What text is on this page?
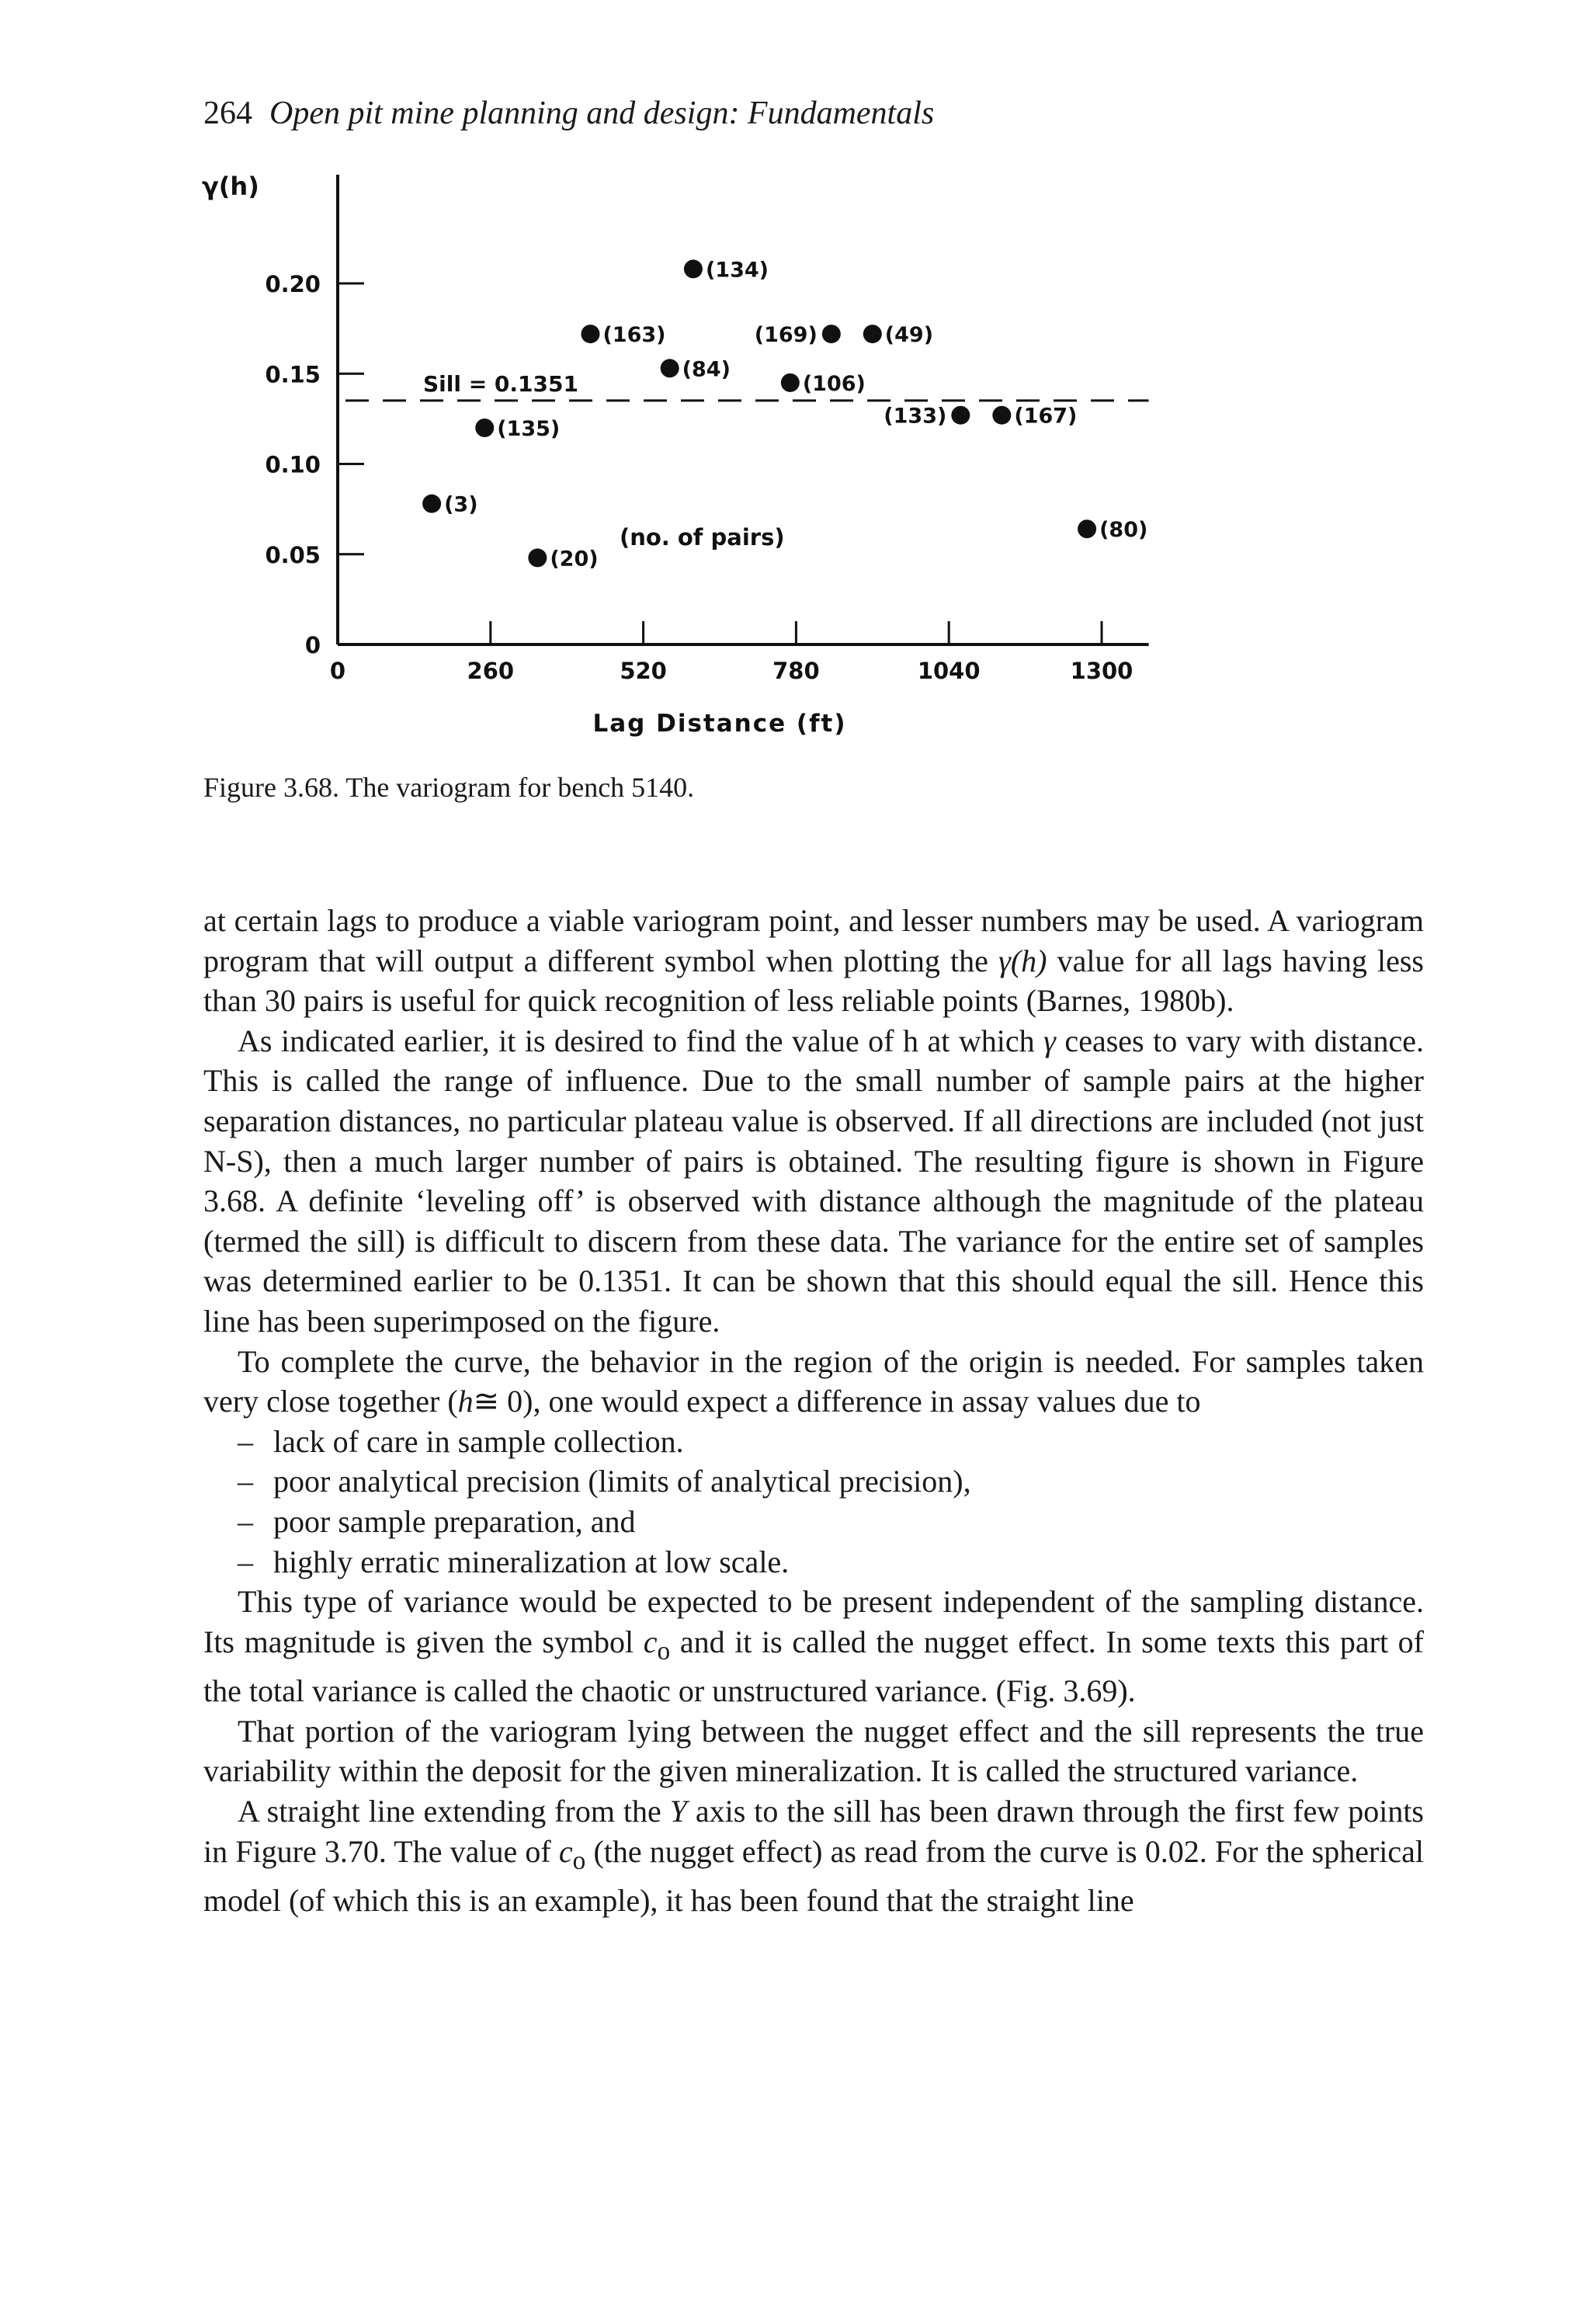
264 Open pit mine planning and design: Fundamentals
0
0.05
0.10
0.15
0.20
0	260	520	780	1040	1300
γ(h)
Lag Distance (ft)
Sill = 0.1351
(no. of pairs)
(3)
(135)
(20)
(163)
(84)
(134)
(106)
(169)	(49)
(133)	(167)
(80)
Figure 3.68. The variogram for bench 5140.

at certain lags to produce a viable variogram point, and lesser numbers may be used. A variogram program that will output a different symbol when plotting the γ(h) value for all lags having less than 30 pairs is useful for quick recognition of less reliable points (Barnes, 1980b).

As indicated earlier, it is desired to find the value of h at which γ ceases to vary with distance. This is called the range of influence. Due to the small number of sample pairs at the higher separation distances, no particular plateau value is observed. If all directions are included (not just N-S), then a much larger number of pairs is obtained. The resulting figure is shown in Figure 3.68. A definite ‘leveling off’ is observed with distance although the magnitude of the plateau (termed the sill) is difficult to discern from these data. The variance for the entire set of samples was determined earlier to be 0.1351. It can be shown that this should equal the sill. Hence this line has been superimposed on the figure.

To complete the curve, the behavior in the region of the origin is needed. For samples taken very close together (h≅ 0), one would expect a difference in assay values due to

– lack of care in sample collection.
– poor analytical precision (limits of analytical precision),
– poor sample preparation, and
– highly erratic mineralization at low scale.

This type of variance would be expected to be present independent of the sampling distance. Its magnitude is given the symbol $c_o$ and it is called the nugget effect. In some texts this part of the total variance is called the chaotic or unstructured variance. (Fig. 3.69).

That portion of the variogram lying between the nugget effect and the sill represents the true variability within the deposit for the given mineralization. It is called the structured variance.

A straight line extending from the Y axis to the sill has been drawn through the first few points in Figure 3.70. The value of $c_o$ (the nugget effect) as read from the curve is 0.02. For the spherical model (of which this is an example), it has been found that the straight line
